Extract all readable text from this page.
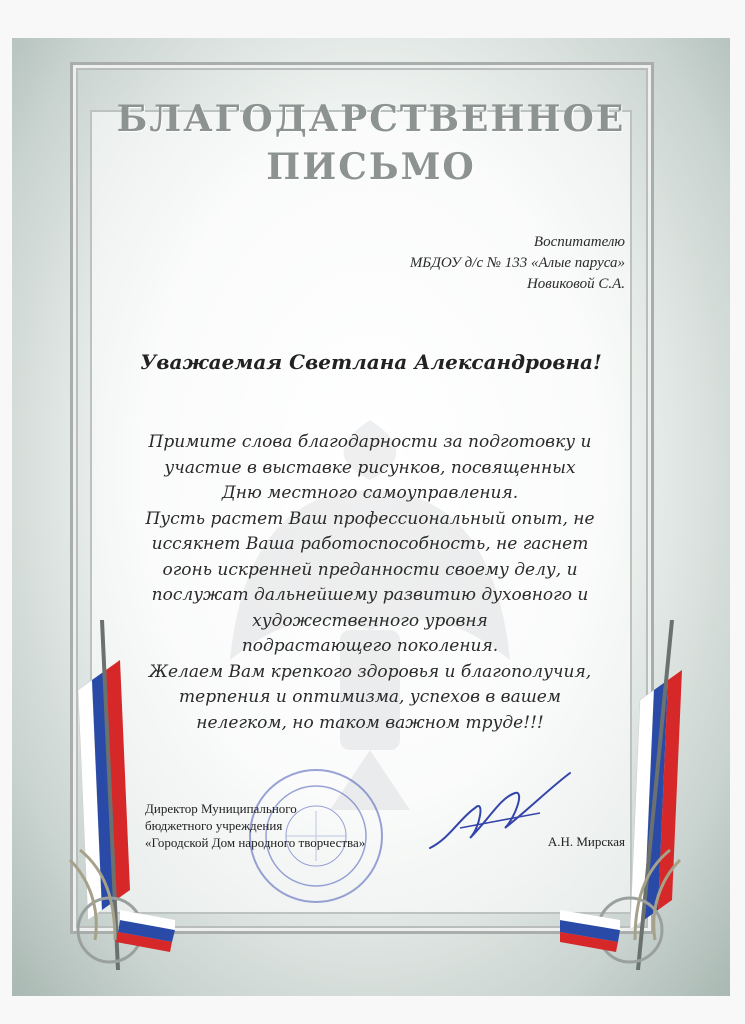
БЛАГОДАРСТВЕННОЕ
ПИСЬМО
Воспитателю
МБДОУ д/с № 133 «Алые паруса»
Новиковой С.А.
Уважаемая Светлана Александровна!
Примите слова благодарности за подготовку и
участие в выставке рисунков, посвященных
Дню местного самоуправления.
Пусть растет Ваш профессиональный опыт, не
иссякнет Ваша работоспособность, не гаснет
огонь искренней преданности своему делу, и
послужат дальнейшему развитию духовного и
художественного уровня
подрастающего поколения.
Желаем Вам крепкого здоровья и благополучия,
терпения и оптимизма, успехов в вашем
нелегком, но таком важном труде!!!
Директор Муниципального
бюджетного учреждения
«Городской Дом народного творчества»	А.Н. Мирская
